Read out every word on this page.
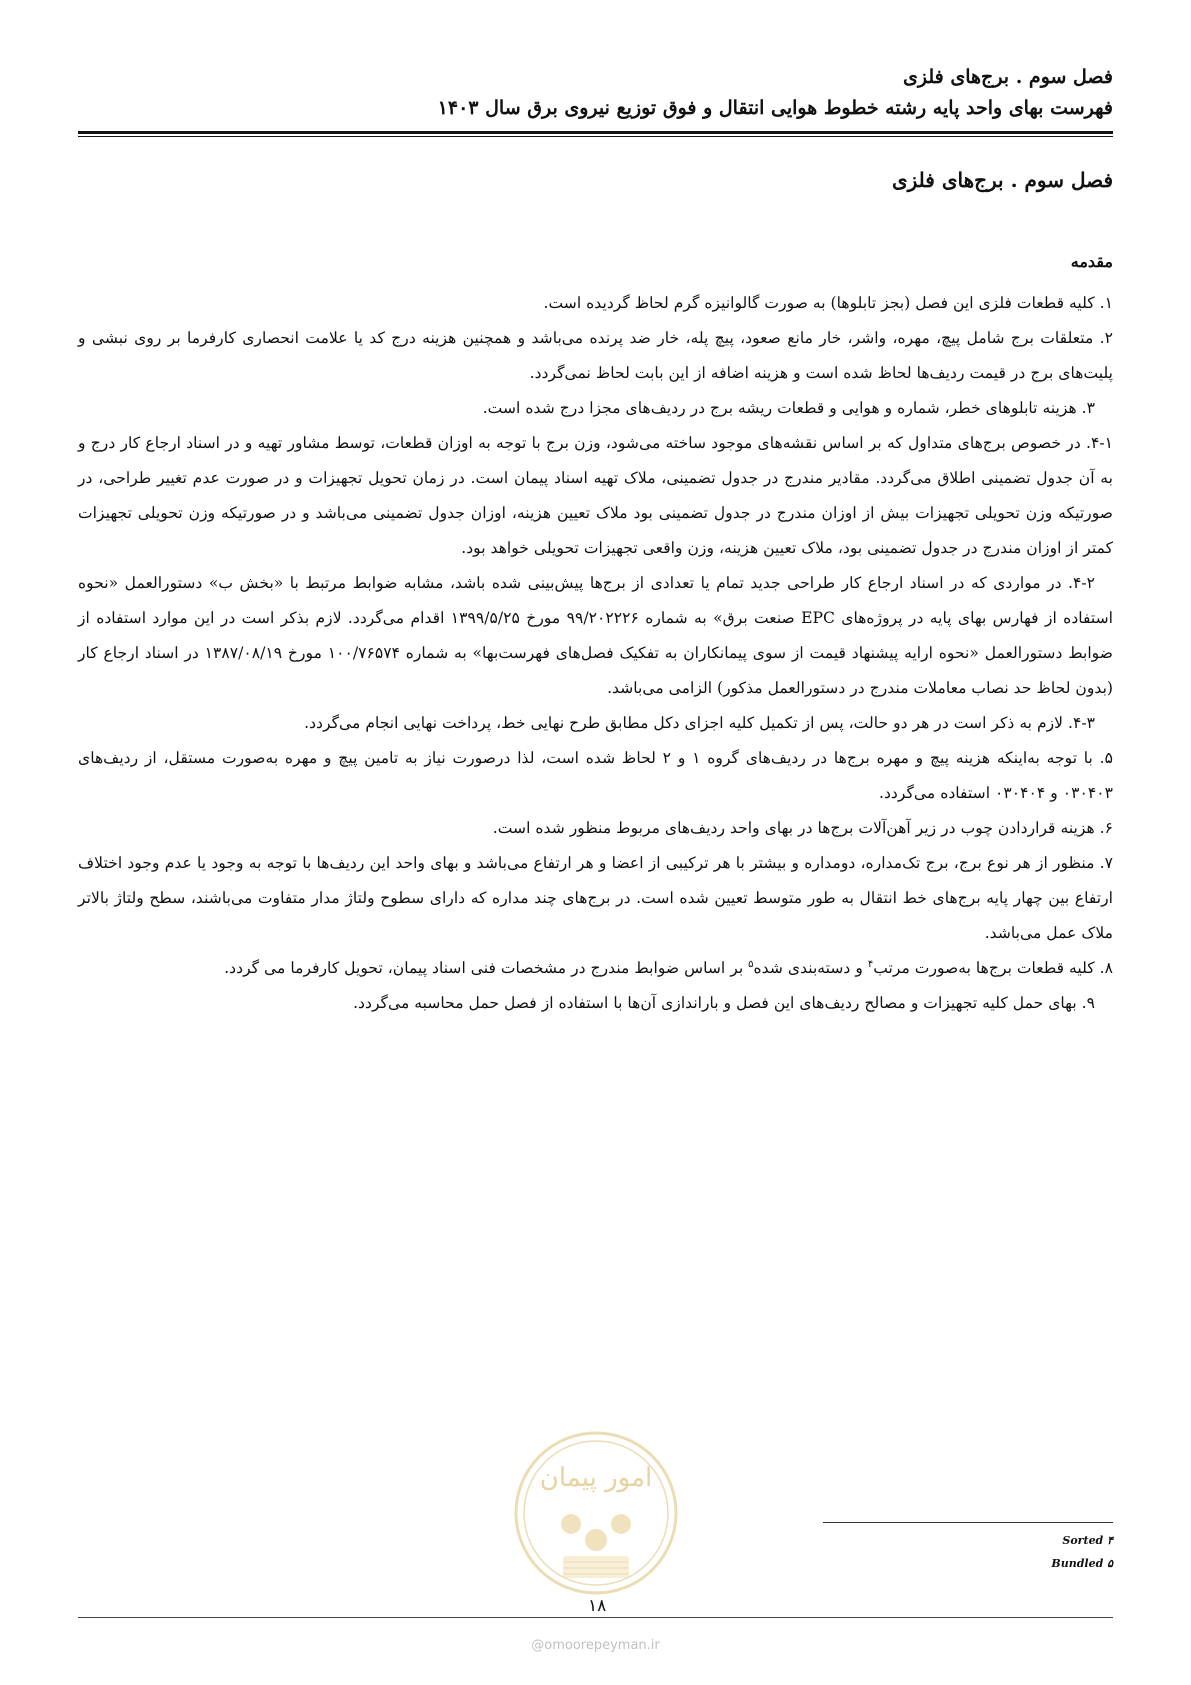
فصل سوم . برج‌های فلزی
فهرست بهای واحد پایه رشته خطوط هوایی انتقال و فوق توزیع نیروی برق سال ۱۴۰۳
فصل سوم . برج‌های فلزی
مقدمه

۱. کلیه قطعات فلزی این فصل (بجز تابلوها) به صورت گالوانیزه گرم لحاظ گردیده است.

۲. متعلقات برج شامل پیچ، مهره، واشر، خار مانع صعود، پیچ پله، خار ضد پرنده می‌باشد و همچنین هزینه درج کد یا علامت انحصاری کارفرما بر روی نبشی و پلیت‌های برج در قیمت ردیف‌ها لحاظ شده است و هزینه اضافه از این بابت لحاظ نمی‌گردد.

۳. هزینه تابلوهای خطر، شماره و هوایی و قطعات ریشه برج در ردیف‌های مجزا درج شده است.

۴-۱. در خصوص برج‌های متداول که بر اساس نقشه‌های موجود ساخته می‌شود، وزن برج با توجه به اوزان قطعات، توسط مشاور تهیه و در اسناد ارجاع کار درج و به آن جدول تضمینی اطلاق می‌گردد. مقادیر مندرج در جدول تضمینی، ملاک تهیه اسناد پیمان است. در زمان تحویل تجهیزات و در صورت عدم تغییر طراحی، در صورتیکه وزن تحویلی تجهیزات بیش از اوزان مندرج در جدول تضمینی بود ملاک تعیین هزینه، اوزان جدول تضمینی می‌باشد و در صورتیکه وزن تحویلی تجهیزات کمتر از اوزان مندرج در جدول تضمینی بود، ملاک تعیین هزینه، وزن واقعی تجهیزات تحویلی خواهد بود.

۴-۲. در مواردی که در اسناد ارجاع کار طراحی جدید تمام یا تعدادی از برج‌ها پیش‌بینی شده باشد، مشابه ضوابط مرتبط با «بخش ب» دستورالعمل «نحوه استفاده از فهارس بهای پایه در پروژه‌های EPC صنعت برق» به شماره ۹۹/۲۰۲۲۲۶ مورخ ۱۳۹۹/۵/۲۵ اقدام می‌گردد. لازم بذکر است در این موارد استفاده از ضوابط دستورالعمل «نحوه ارایه پیشنهاد قیمت از سوی پیمانکاران به تفکیک فصل‌های فهرست‌بها» به شماره ۱۰۰/۷۶۵۷۴ مورخ ۱۳۸۷/۰۸/۱۹ در اسناد ارجاع کار (بدون لحاظ حد نصاب معاملات مندرج در دستورالعمل مذکور) الزامی می‌باشد.

۴-۳. لازم به ذکر است در هر دو حالت، پس از تکمیل کلیه اجزای دکل مطابق طرح نهایی خط، پرداخت نهایی انجام می‌گردد.

۵. با توجه به‌اینکه هزینه پیچ و مهره برج‌ها در ردیف‌های گروه ۱ و ۲ لحاظ شده است، لذا درصورت نیاز به تامین پیچ و مهره به‌صورت مستقل، از ردیف‌های ۰۳۰۴۰۳ و ۰۳۰۴۰۴ استفاده می‌گردد.

۶. هزینه قراردادن چوب در زیر آهن‌آلات برج‌ها در بهای واحد ردیف‌های مربوط منظور شده است.

۷. منظور از هر نوع برج، برج تک‌مداره، دومداره و بیشتر با هر ترکیبی از اعضا و هر ارتفاع می‌باشد و بهای واحد این ردیف‌ها با توجه به وجود یا عدم وجود اختلاف ارتفاع بین چهار پایه برج‌های خط انتقال به طور متوسط تعیین شده است. در برج‌های چند مداره که دارای سطوح ولتاژ مدار متفاوت می‌باشند، سطح ولتاژ بالاتر ملاک عمل می‌باشد.

۸. کلیه قطعات برج‌ها به‌صورت مرتب$^۴$ و دسته‌بندی شده$^۵$ بر اساس ضوابط مندرج در مشخصات فنی اسناد پیمان، تحویل کارفرما می گردد.

۹. بهای حمل کلیه تجهیزات و مصالح ردیف‌های این فصل و باراندازی آن‌ها با استفاده از فصل حمل محاسبه می‌گردد.

امور پیمان
Sorted ۴
Bundled ۵
۱۸
@omoorepeyman.ir
